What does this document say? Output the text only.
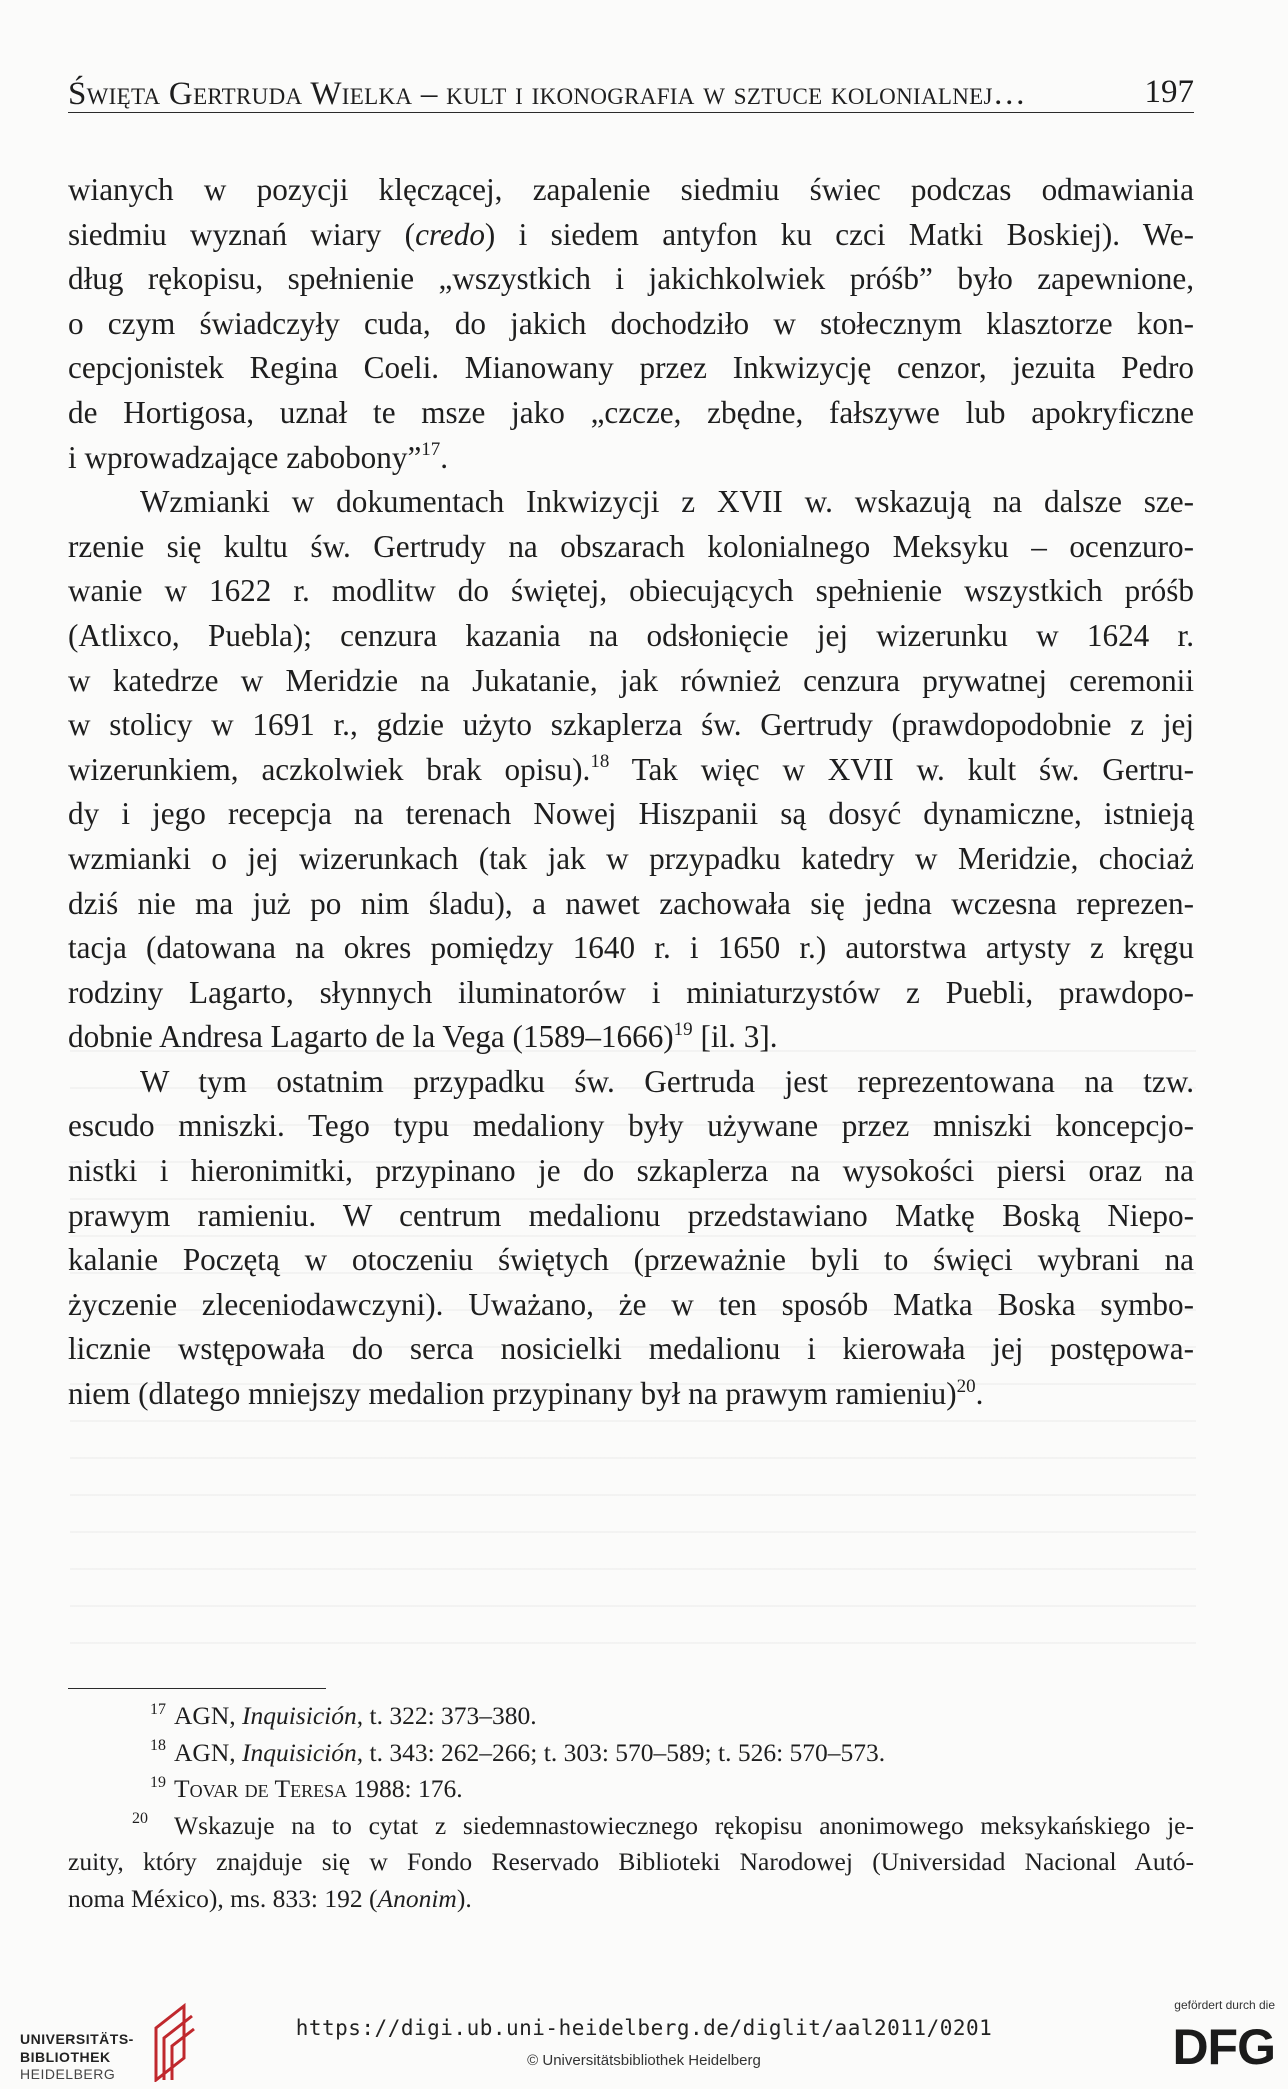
Święta Gertruda Wielka – kult i ikonografia w sztuce kolonialnej…	197
wianych w pozycji klęczącej, zapalenie siedmiu świec podczas odmawiania
siedmiu wyznań wiary (credo) i siedem antyfon ku czci Matki Boskiej). We-
dług rękopisu, spełnienie „wszystkich i jakichkolwiek próśb” było zapewnione,
o czym świadczyły cuda, do jakich dochodziło w stołecznym klasztorze kon-
cepcjonistek Regina Coeli. Mianowany przez Inkwizycję cenzor, jezuita Pedro
de Hortigosa, uznał te msze jako „czcze, zbędne, fałszywe lub apokryficzne
i wprowadzające zabobony”$^{17}$.
Wzmianki w dokumentach Inkwizycji z XVII w. wskazują na dalsze sze-
rzenie się kultu św. Gertrudy na obszarach kolonialnego Meksyku – ocenzuro-
wanie w 1622 r. modlitw do świętej, obiecujących spełnienie wszystkich próśb
(Atlixco, Puebla); cenzura kazania na odsłonięcie jej wizerunku w 1624 r.
w katedrze w Meridzie na Jukatanie, jak również cenzura prywatnej ceremonii
w stolicy w 1691 r., gdzie użyto szkaplerza św. Gertrudy (prawdopodobnie z jej
wizerunkiem, aczkolwiek brak opisu).$^{18}$ Tak więc w XVII w. kult św. Gertru-
dy i jego recepcja na terenach Nowej Hiszpanii są dosyć dynamiczne, istnieją
wzmianki o jej wizerunkach (tak jak w przypadku katedry w Meridzie, chociaż
dziś nie ma już po nim śladu), a nawet zachowała się jedna wczesna reprezen-
tacja (datowana na okres pomiędzy 1640 r. i 1650 r.) autorstwa artysty z kręgu
rodziny Lagarto, słynnych iluminatorów i miniaturzystów z Puebli, prawdopo-
dobnie Andresa Lagarto de la Vega (1589–1666)$^{19}$ [il. 3].
W tym ostatnim przypadku św. Gertruda jest reprezentowana na tzw.
escudo mniszki. Tego typu medaliony były używane przez mniszki koncepcjo-
nistki i hieronimitki, przypinano je do szkaplerza na wysokości piersi oraz na
prawym ramieniu. W centrum medalionu przedstawiano Matkę Boską Niepo-
kalanie Poczętą w otoczeniu świętych (przeważnie byli to święci wybrani na
życzenie zleceniodawczyni). Uważano, że w ten sposób Matka Boska symbo-
licznie wstępowała do serca nosicielki medalionu i kierowała jej postępowa-
niem (dlatego mniejszy medalion przypinany był na prawym ramieniu)$^{20}$.
$^{17}$ AGN, Inquisición, t. 322: 373–380.
$^{18}$ AGN, Inquisición, t. 343: 262–266; t. 303: 570–589; t. 526: 570–573.
$^{19}$ Tovar de Teresa 1988: 176.
$^{20}$ Wskazuje na to cytat z siedemnastowiecznego rękopisu anonimowego meksykańskiego je-
zuity, który znajduje się w Fondo Reservado Biblioteki Narodowej (Universidad Nacional Autó-
noma México), ms. 833: 192 (Anonim).
UNIVERSITÄTS-
BIBLIOTHEK
HEIDELBERG
https://digi.ub.uni-heidelberg.de/diglit/aal2011/0201
© Universitätsbibliothek Heidelberg
gefördert durch die
DFG
